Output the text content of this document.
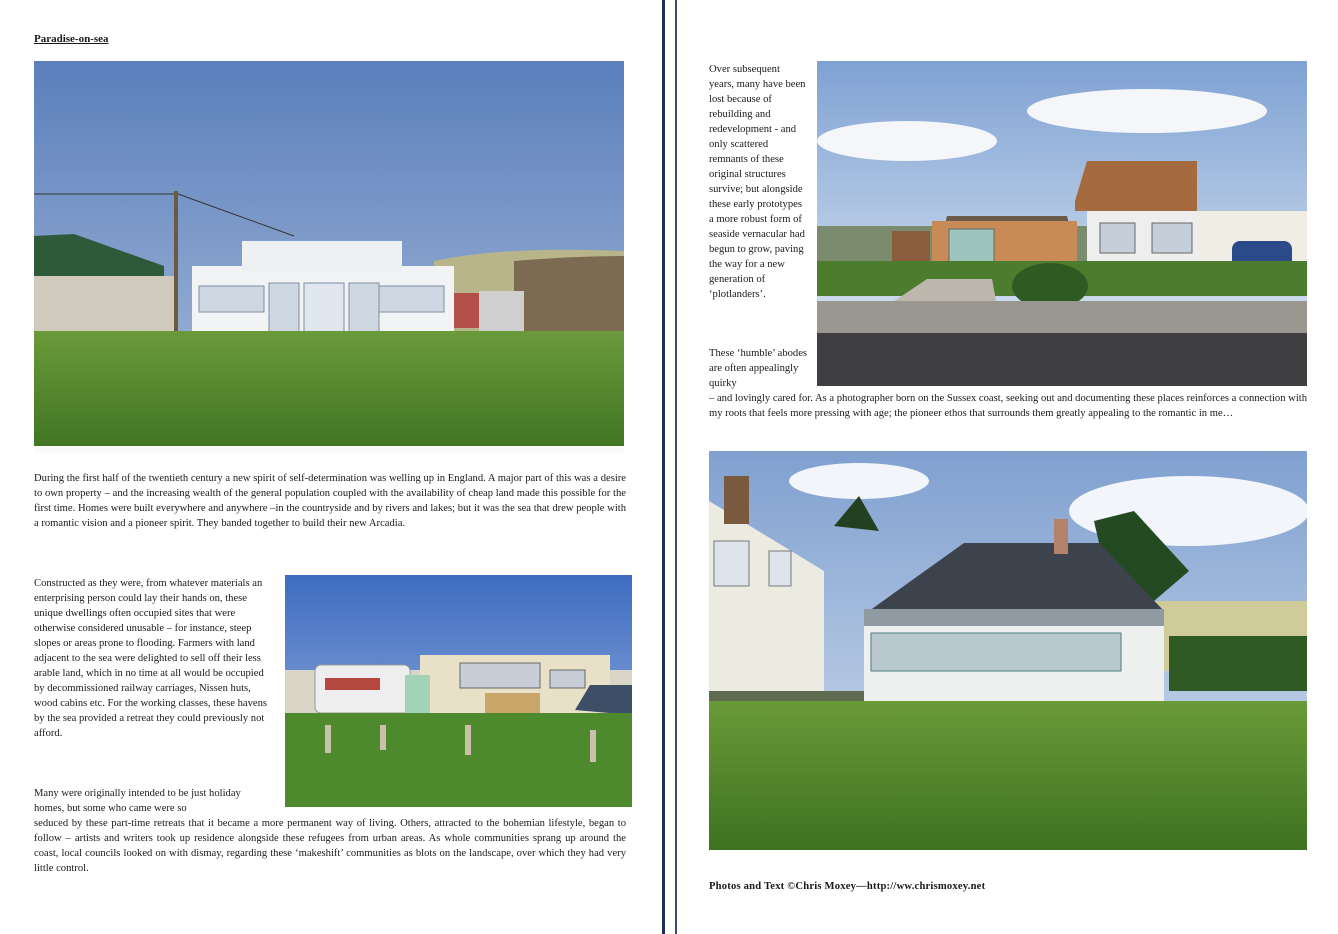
Paradise-on-sea

During the first half of the twentieth century a new spirit of self-determination was welling up in England. A major part of this was a desire to own property – and the increasing wealth of the general population coupled with the availability of cheap land made this possible for the first time. Homes were built everywhere and anywhere –in the countryside and by rivers and lakes; but it was the sea that drew people with a romantic vision and a pioneer spirit. They banded together to build their new Arcadia.

Constructed as they were, from whatever materials an enterprising person could lay their hands on, these unique dwellings often occupied sites that were otherwise considered unusable – for instance, steep slopes or areas prone to flooding. Farmers with land adjacent to the sea were delighted to sell off their less arable land, which in no time at all would be occupied by decommissioned railway carriages, Nissen huts, wood cabins etc. For the working classes, these havens by the sea provided a retreat they could previously not afford.

Many were originally intended to be just holiday homes, but some who came were so

seduced by these part-time retreats that it became a more permanent way of living. Others, attracted to the bohemian lifestyle, began to follow – artists and writers took up residence alongside these refugees from urban areas. As whole communities sprang up around the coast, local councils looked on with dismay, regarding these ‘makeshift’ communities as blots on the landscape, over which they had very little control.

Over subsequent years, many have been lost because of rebuilding and redevelopment - and only scattered remnants of these original structures survive; but alongside these early prototypes a more robust form of seaside vernacular had begun to grow, paving the way for a new generation of ‘plotlanders’.

These ‘humble’ abodes are often appealingly quirky

– and lovingly cared for. As a photographer born on the Sussex coast, seeking out and documenting these places reinforces a connection with my roots that feels more pressing with age; the pioneer ethos that surrounds them greatly appealing to the romantic in me…

Photos and Text ©Chris Moxey—http://ww.chrismoxey.net
